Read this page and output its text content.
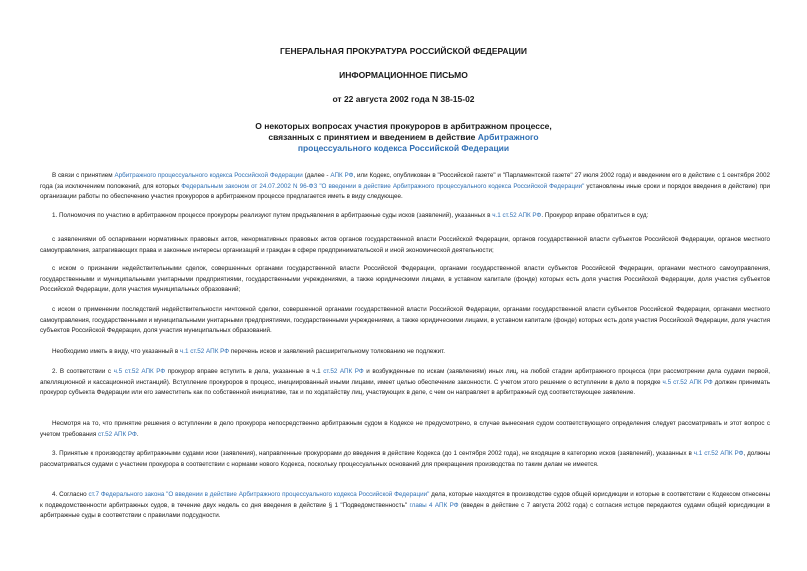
ГЕНЕРАЛЬНАЯ ПРОКУРАТУРА РОССИЙСКОЙ ФЕДЕРАЦИИ
ИНФОРМАЦИОННОЕ ПИСЬМО
от 22 августа 2002 года N 38-15-02
О некоторых вопросах участия прокуроров в арбитражном процессе,
связанных с принятием и введением в действие Арбитражного
процессуального кодекса Российской Федерации
В связи с принятием Арбитражного процессуального кодекса Российской Федерации (далее - АПК РФ, или Кодекс, опубликован в "Российской газете" и "Парламентской газете" 27 июля 2002 года) и введением его в действие с 1 сентября 2002 года (за исключением положений, для которых Федеральным законом от 24.07.2002 N 96-ФЗ "О введении в действие Арбитражного процессуального кодекса Российской Федерации" установлены иные сроки и порядок введения в действие) при организации работы по обеспечению участия прокуроров в арбитражном процессе предлагается иметь в виду следующее.
1. Полномочия по участию в арбитражном процессе прокуроры реализуют путем предъявления в арбитражные суды исков (заявлений), указанных в ч.1 ст.52 АПК РФ. Прокурор вправе обратиться в суд:
с заявлениями об оспаривании нормативных правовых актов, ненормативных правовых актов органов государственной власти Российской Федерации, органов государственной власти субъектов Российской Федерации, органов местного самоуправления, затрагивающих права и законные интересы организаций и граждан в сфере предпринимательской и иной экономической деятельности;
с иском о признании недействительными сделок, совершенных органами государственной власти Российской Федерации, органами государственной власти субъектов Российской Федерации, органами местного самоуправления, государственными и муниципальными унитарными предприятиями, государственными учреждениями, а также юридическими лицами, в уставном капитале (фонде) которых есть доля участия Российской Федерации, доля участия субъектов Российской Федерации, доля участия муниципальных образований;
с иском о применении последствий недействительности ничтожной сделки, совершенной органами государственной власти Российской Федерации, органами государственной власти субъектов Российской Федерации, органами местного самоуправления, государственными и муниципальными унитарными предприятиями, государственными учреждениями, а также юридическими лицами, в уставном капитале (фонде) которых есть доля участия Российской Федерации, доля участия субъектов Российской Федерации, доля участия муниципальных образований.
Необходимо иметь в виду, что указанный в ч.1 ст.52 АПК РФ перечень исков и заявлений расширительному толкованию не подлежит.
2. В соответствии с ч.5 ст.52 АПК РФ прокурор вправе вступить в дела, указанные в ч.1 ст.52 АПК РФ и возбужденные по искам (заявлениям) иных лиц, на любой стадии арбитражного процесса (при рассмотрении дела судами первой, апелляционной и кассационной инстанций). Вступление прокуроров в процесс, инициированный иными лицами, имеет целью обеспечение законности. С учетом этого решение о вступлении в дело в порядке ч.5 ст.52 АПК РФ должен принимать прокурор субъекта Федерации или его заместитель как по собственной инициативе, так и по ходатайству лиц, участвующих в деле, с чем он направляет в арбитражный суд соответствующее заявление.
Несмотря на то, что принятие решения о вступлении в дело прокурора непосредственно арбитражным судом в Кодексе не предусмотрено, в случае вынесения судом соответствующего определения следует рассматривать и этот вопрос с учетом требования ст.52 АПК РФ.
3. Принятые к производству арбитражными судами иски (заявления), направленные прокурорами до введения в действие Кодекса (до 1 сентября 2002 года), не входящие в категорию исков (заявлений), указанных в ч.1 ст.52 АПК РФ, должны рассматриваться судами с участием прокурора в соответствии с нормами нового Кодекса, поскольку процессуальных оснований для прекращения производства по таким делам не имеется.
4. Согласно ст.7 Федерального закона "О введении в действие Арбитражного процессуального кодекса Российской Федерации" дела, которые находятся в производстве судов общей юрисдикции и которые в соответствии с Кодексом отнесены к подведомственности арбитражных судов, в течение двух недель со дня введения в действие § 1 "Подведомственность" главы 4 АПК РФ (введен в действие с 7 августа 2002 года) с согласия истцов передаются судами общей юрисдикции в арбитражные суды в соответствии с правилами подсудности.
